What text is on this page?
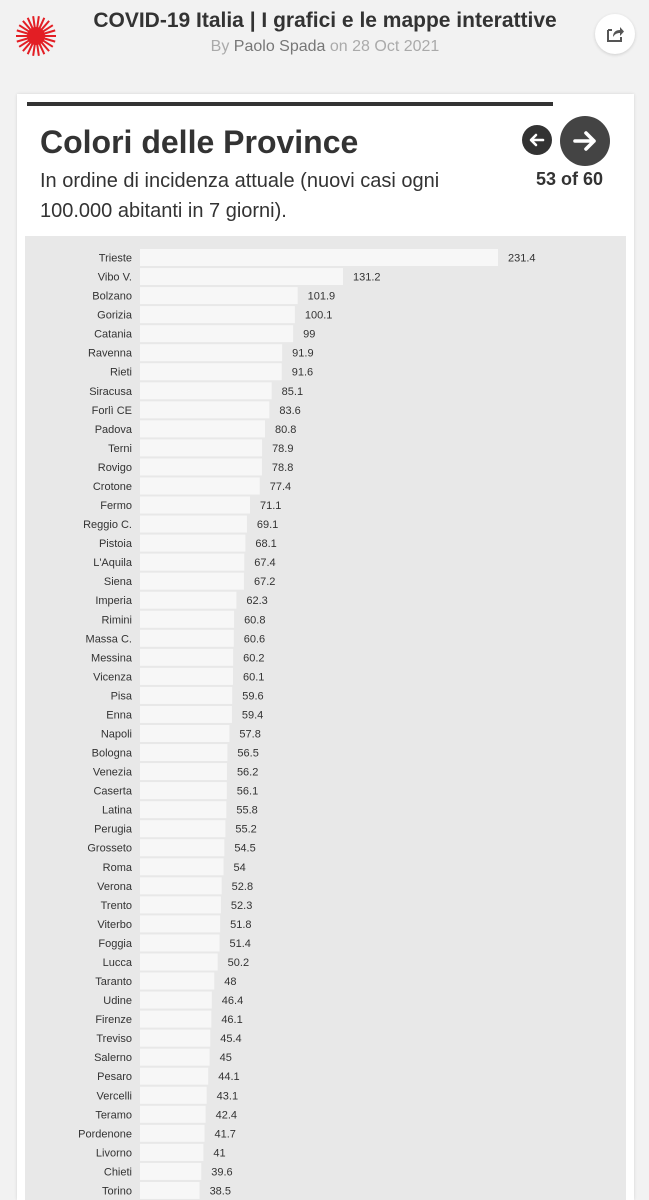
COVID-19 Italia | I grafici e le mappe interattive
By Paolo Spada on 28 Oct 2021
Colori delle Province
In ordine di incidenza attuale (nuovi casi ogni 100.000 abitanti in 7 giorni).
53 of 60
Trieste	231.4
Vibo V.	131.2
Bolzano	101.9
Gorizia	100.1
Catania	99
Ravenna	91.9
Rieti	91.6
Siracusa	85.1
Forlì CE	83.6
Padova	80.8
Terni	78.9
Rovigo	78.8
Crotone	77.4
Fermo	71.1
Reggio C.	69.1
Pistoia	68.1
L'Aquila	67.4
Siena	67.2
Imperia	62.3
Rimini	60.8
Massa C.	60.6
Messina	60.2
Vicenza	60.1
Pisa	59.6
Enna	59.4
Napoli	57.8
Bologna	56.5
Venezia	56.2
Caserta	56.1
Latina	55.8
Perugia	55.2
Grosseto	54.5
Roma	54
Verona	52.8
Trento	52.3
Viterbo	51.8
Foggia	51.4
Lucca	50.2
Taranto	48
Udine	46.4
Firenze	46.1
Treviso	45.4
Salerno	45
Pesaro	44.1
Vercelli	43.1
Teramo	42.4
Pordenone	41.7
Livorno	41
Chieti	39.6
Torino	38.5
